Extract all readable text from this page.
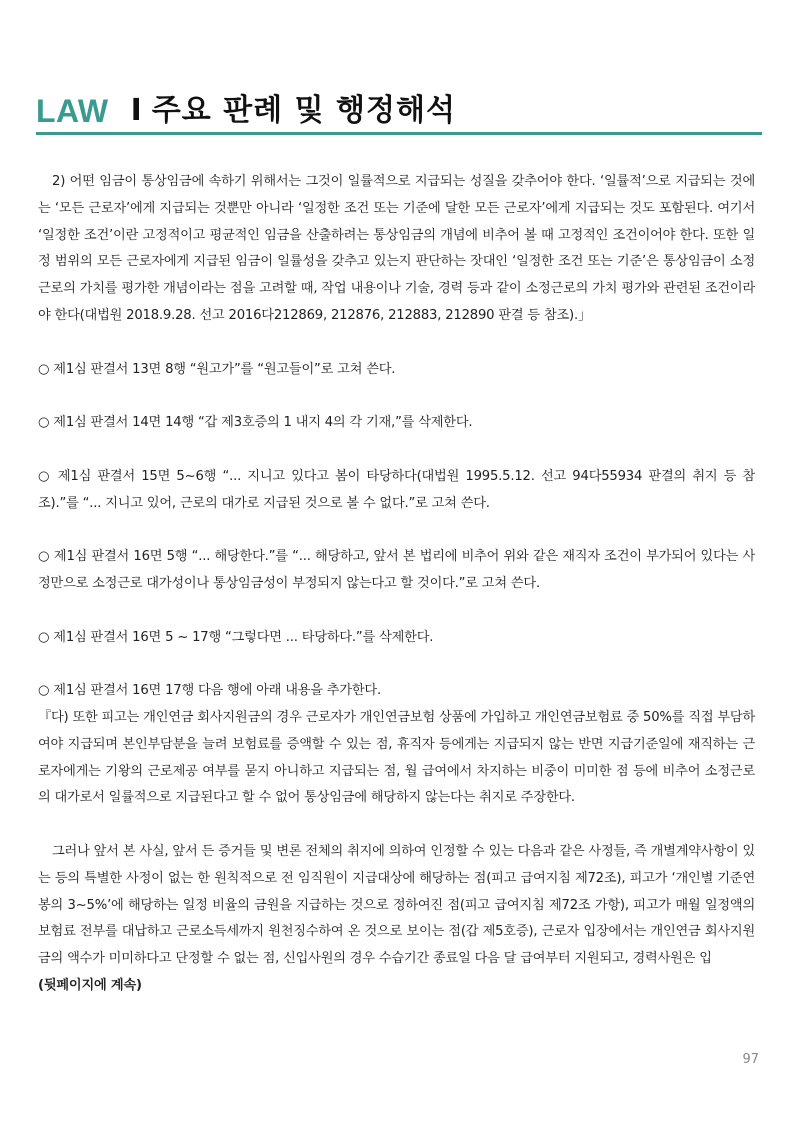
LAW I 주요 판례 및 행정해석

2) 어떤 임금이 통상임금에 속하기 위해서는 그것이 일률적으로 지급되는 성질을 갖추어야 한다. ‘일률적’으로 지급되는 것에는 ‘모든 근로자’에게 지급되는 것뿐만 아니라 ‘일정한 조건 또는 기준에 달한 모든 근로자’에게 지급되는 것도 포함된다. 여기서 ‘일정한 조건’이란 고정적이고 평균적인 임금을 산출하려는 통상임금의 개념에 비추어 볼 때 고정적인 조건이어야 한다. 또한 일정 범위의 모든 근로자에게 지급된 임금이 일률성을 갖추고 있는지 판단하는 잣대인 ‘일정한 조건 또는 기준’은 통상임금이 소정근로의 가치를 평가한 개념이라는 점을 고려할 때, 작업 내용이나 기술, 경력 등과 같이 소정근로의 가치 평가와 관련된 조건이라야 한다(대법원 2018.9.28. 선고 2016다212869, 212876, 212883, 212890 판결 등 참조).」

○ 제1심 판결서 13면 8행 “원고가”를 “원고들이”로 고쳐 쓴다.

○ 제1심 판결서 14면 14행 “갑 제3호증의 1 내지 4의 각 기재,”를 삭제한다.

○ 제1심 판결서 15면 5~6행 “... 지니고 있다고 봄이 타당하다(대법원 1995.5.12. 선고 94다55934 판결의 취지 등 참조).”를 “... 지니고 있어, 근로의 대가로 지급된 것으로 볼 수 없다.”로 고쳐 쓴다.

○ 제1심 판결서 16면 5행 “... 해당한다.”를 “... 해당하고, 앞서 본 법리에 비추어 위와 같은 재직자 조건이 부가되어 있다는 사정만으로 소정근로 대가성이나 통상임금성이 부정되지 않는다고 할 것이다.”로 고쳐 쓴다.

○ 제1심 판결서 16면 5 ~ 17행 “그렇다면 ... 타당하다.”를 삭제한다.

○ 제1심 판결서 16면 17행 다음 행에 아래 내용을 추가한다.

『다) 또한 피고는 개인연금 회사지원금의 경우 근로자가 개인연금보험 상품에 가입하고 개인연금보험료 중 50%를 직접 부담하여야 지급되며 본인부담분을 늘려 보험료를 증액할 수 있는 점, 휴직자 등에게는 지급되지 않는 반면 지급기준일에 재직하는 근로자에게는 기왕의 근로제공 여부를 묻지 아니하고 지급되는 점, 월 급여에서 차지하는 비중이 미미한 점 등에 비추어 소정근로의 대가로서 일률적으로 지급된다고 할 수 없어 통상임금에 해당하지 않는다는 취지로 주장한다.

그러나 앞서 본 사실, 앞서 든 증거들 및 변론 전체의 취지에 의하여 인정할 수 있는 다음과 같은 사정들, 즉 개별계약사항이 있는 등의 특별한 사정이 없는 한 원칙적으로 전 임직원이 지급대상에 해당하는 점(피고 급여지침 제72조), 피고가 ‘개인별 기준연봉의 3~5%’에 해당하는 일정 비율의 금원을 지급하는 것으로 정하여진 점(피고 급여지침 제72조 가항), 피고가 매월 일정액의 보험료 전부를 대납하고 근로소득세까지 원천징수하여 온 것으로 보이는 점(갑 제5호증), 근로자 입장에서는 개인연금 회사지원 금의 액수가 미미하다고 단정할 수 없는 점, 신입사원의 경우 수습기간 종료일 다음 달 급여부터 지원되고, 경력사원은 입

(뒷페이지에 계속)

97
